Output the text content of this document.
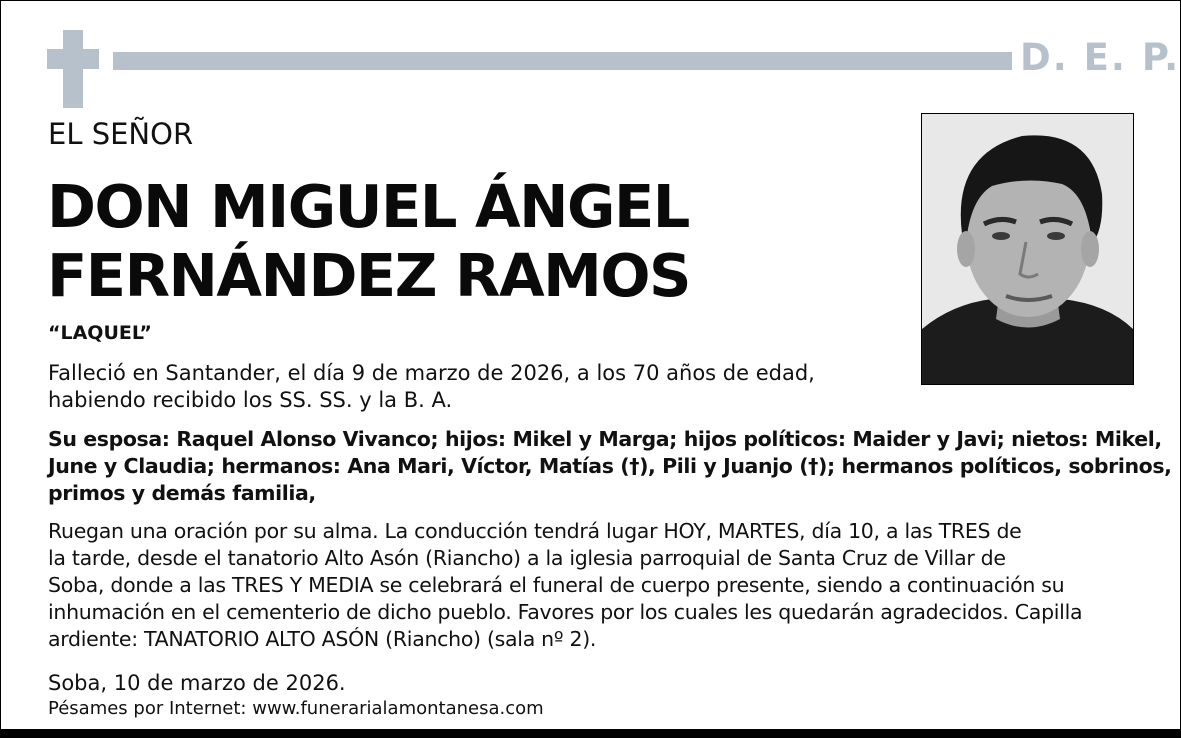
D. E. P.
EL SEÑOR
DON MIGUEL ÁNGEL
FERNÁNDEZ RAMOS
“LAQUEL”
Falleció en Santander, el día 9 de marzo de 2026, a los 70 años de edad,
habiendo recibido los SS. SS. y la B. A.
Su esposa: Raquel Alonso Vivanco; hijos: Mikel y Marga; hijos políticos: Maider y Javi; nietos: Mikel,
June y Claudia; hermanos: Ana Mari, Víctor, Matías (†), Pili y Juanjo (†); hermanos políticos, sobrinos,
primos y demás familia,
Ruegan una oración por su alma. La conducción tendrá lugar HOY, MARTES, día 10, a las TRES de
la tarde, desde el tanatorio Alto Asón (Riancho) a la iglesia parroquial de Santa Cruz de Villar de
Soba, donde a las TRES Y MEDIA se celebrará el funeral de cuerpo presente, siendo a continuación su
inhumación en el cementerio de dicho pueblo. Favores por los cuales les quedarán agradecidos. Capilla
ardiente: TANATORIO ALTO ASÓN (Riancho) (sala nº 2).
Soba, 10 de marzo de 2026.
Pésames por Internet: www.funerarialamontanesa.com
